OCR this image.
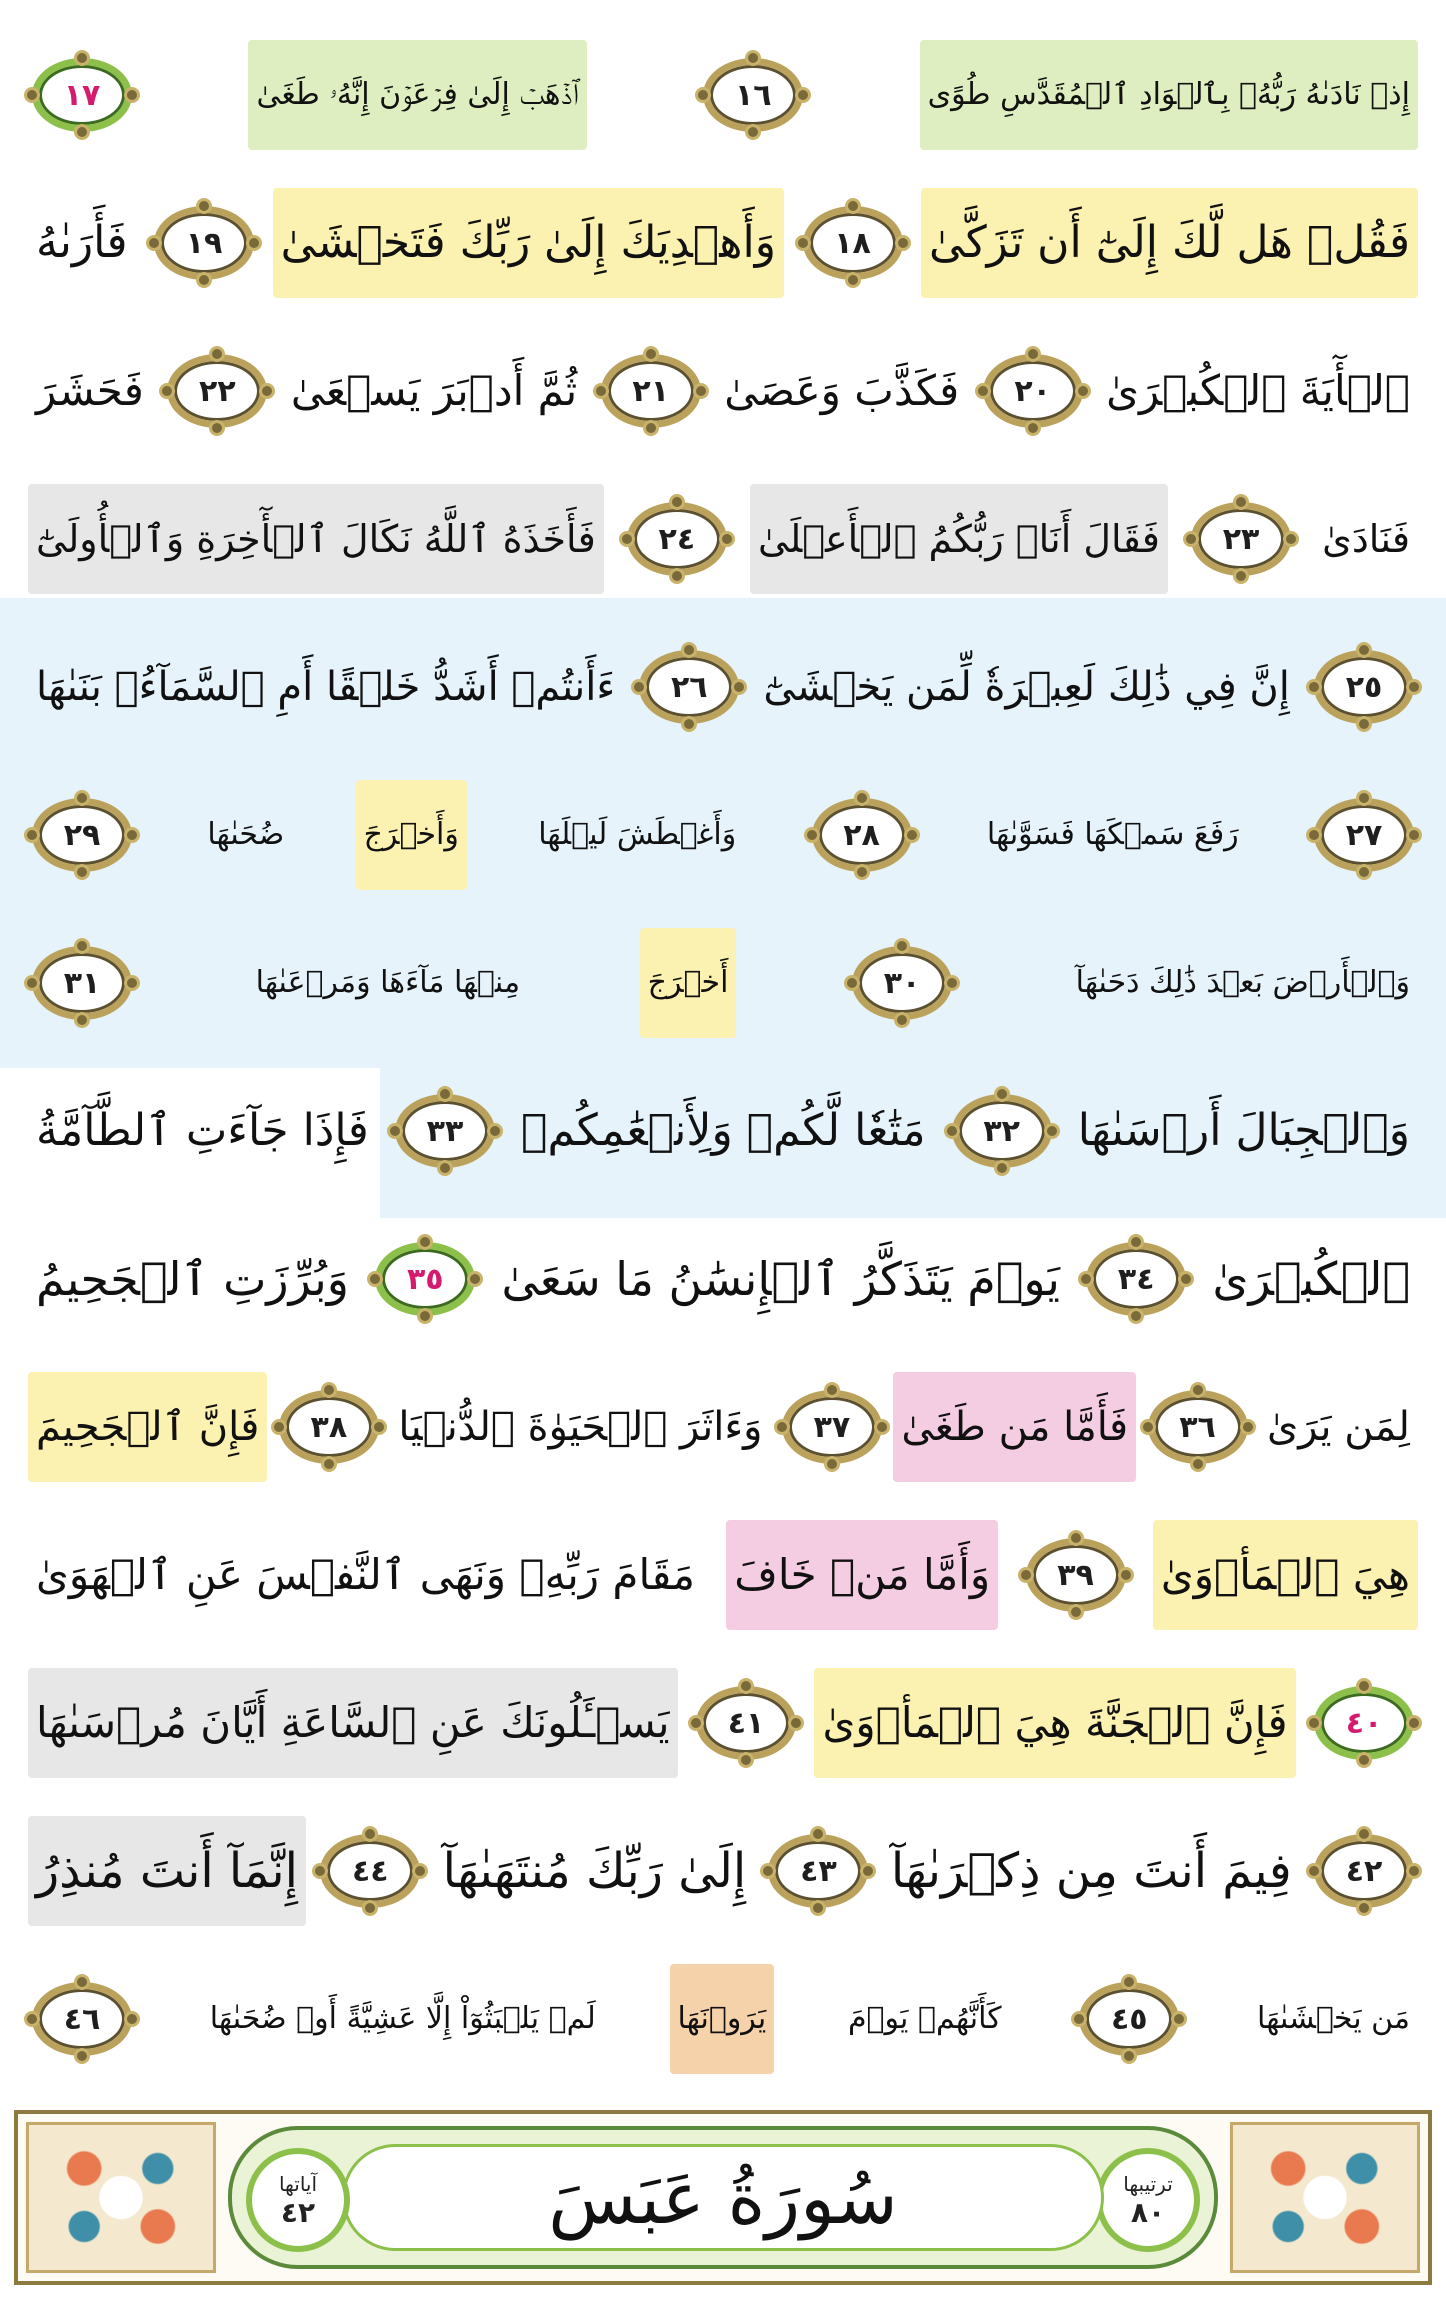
إِذۡ نَادَىٰهُ رَبُّهُۥ بِٱلۡوَادِ ٱلۡمُقَدَّسِ طُوًى
١٦
ٱذۡهَبۡ إِلَىٰ فِرۡعَوۡنَ إِنَّهُۥ طَغَىٰ
١٧
فَقُلۡ هَل لَّكَ إِلَىٰٓ أَن تَزَكَّىٰ
١٨
وَأَهۡدِيَكَ إِلَىٰ رَبِّكَ فَتَخۡشَىٰ
١٩
فَأَرَىٰهُ
ٱلۡأٓيَةَ ٱلۡكُبۡرَىٰ
٢٠
فَكَذَّبَ وَعَصَىٰ
٢١
ثُمَّ أَدۡبَرَ يَسۡعَىٰ
٢٢
فَحَشَرَ
فَنَادَىٰ
٢٣
فَقَالَ أَنَا۠ رَبُّكُمُ ٱلۡأَعۡلَىٰ
٢٤
فَأَخَذَهُ ٱللَّهُ نَكَالَ ٱلۡأٓخِرَةِ وَٱلۡأُولَىٰٓ
٢٥
إِنَّ فِي ذَٰلِكَ لَعِبۡرَةٗ لِّمَن يَخۡشَىٰٓ
٢٦
ءَأَنتُمۡ أَشَدُّ خَلۡقًا أَمِ ٱلسَّمَآءُۚ بَنَىٰهَا
٢٧
رَفَعَ سَمۡكَهَا فَسَوَّىٰهَا
٢٨
وَأَغۡطَشَ لَيۡلَهَا
وَأَخۡرَجَ
ضُحَىٰهَا
٢٩
وَٱلۡأَرۡضَ بَعۡدَ ذَٰلِكَ دَحَىٰهَآ
٣٠
أَخۡرَجَ
مِنۡهَا مَآءَهَا وَمَرۡعَىٰهَا
٣١
وَٱلۡجِبَالَ أَرۡسَىٰهَا
٣٢
مَتَٰعٗا لَّكُمۡ وَلِأَنۡعَٰمِكُمۡ
٣٣
فَإِذَا جَآءَتِ ٱلطَّآمَّةُ
ٱلۡكُبۡرَىٰ
٣٤
يَوۡمَ يَتَذَكَّرُ ٱلۡإِنسَٰنُ مَا سَعَىٰ
٣٥
وَبُرِّزَتِ ٱلۡجَحِيمُ
لِمَن يَرَىٰ
٣٦
فَأَمَّا مَن طَغَىٰ
٣٧
وَءَاثَرَ ٱلۡحَيَوٰةَ ٱلدُّنۡيَا
٣٨
فَإِنَّ ٱلۡجَحِيمَ
هِيَ ٱلۡمَأۡوَىٰ
٣٩
وَأَمَّا مَنۡ خَافَ
مَقَامَ رَبِّهِۦ وَنَهَى ٱلنَّفۡسَ عَنِ ٱلۡهَوَىٰ
٤٠
فَإِنَّ ٱلۡجَنَّةَ هِيَ ٱلۡمَأۡوَىٰ
٤١
يَسۡـَٔلُونَكَ عَنِ ٱلسَّاعَةِ أَيَّانَ مُرۡسَىٰهَا
٤٢
فِيمَ أَنتَ مِن ذِكۡرَىٰهَآ
٤٣
إِلَىٰ رَبِّكَ مُنتَهَىٰهَآ
٤٤
إِنَّمَآ أَنتَ مُنذِرُ
مَن يَخۡشَىٰهَا
٤٥
كَأَنَّهُمۡ يَوۡمَ
يَرَوۡنَهَا
لَمۡ يَلۡبَثُوٓاْ إِلَّا عَشِيَّةً أَوۡ ضُحَىٰهَا
٤٦
ترتيبها
٨٠
سُورَةُ عَبَسَ
آياتها
٤٢
